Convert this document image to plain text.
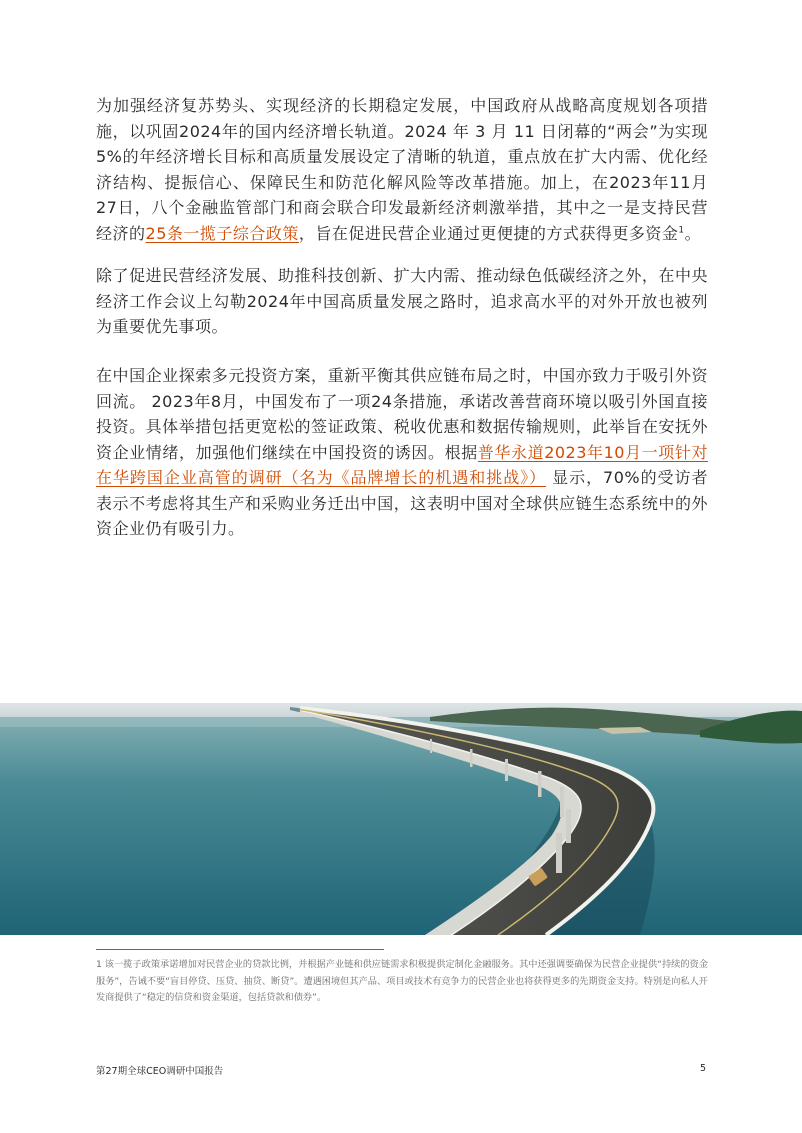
为加强经济复苏势头、实现经济的长期稳定发展，中国政府从战略高度规划各项措施，以巩固2024年的国内经济增长轨道。2024 年 3 月 11 日闭幕的“两会”为实现5%的年经济增长目标和高质量发展设定了清晰的轨道，重点放在扩大内需、优化经济结构、提振信心、保障民生和防范化解风险等改革措施。加上，在2023年11月27日，八个金融监管部门和商会联合印发最新经济刺激举措，其中之一是支持民营经济的25条一揽子综合政策，旨在促进民营企业通过更便捷的方式获得更多资金$^1$。

除了促进民营经济发展、助推科技创新、扩大内需、推动绿色低碳经济之外，在中央经济工作会议上勾勒2024年中国高质量发展之路时，追求高水平的对外开放也被列为重要优先事项。

在中国企业探索多元投资方案，重新平衡其供应链布局之时，中国亦致力于吸引外资回流。 2023年8月，中国发布了一项24条措施，承诺改善营商环境以吸引外国直接投资。具体举措包括更宽松的签证政策、税收优惠和数据传输规则，此举旨在安抚外资企业情绪，加强他们继续在中国投资的诱因。根据普华永道2023年10月一项针对在华跨国企业高管的调研（名为《品牌增长的机遇和挑战》） 显示，70%的受访者表示不考虑将其生产和采购业务迁出中国，这表明中国对全球供应链生态系统中的外资企业仍有吸引力。

1 该一揽子政策承诺增加对民营企业的贷款比例，并根据产业链和供应链需求积极提供定制化金融服务。其中还强调要确保为民营企业提供“持续的资金服务”，告诫不要“盲目停贷、压贷、抽贷、断贷”。遭遇困境但其产品、项目或技术有竞争力的民营企业也将获得更多的先期资金支持。特别是向私人开发商提供了“稳定的信贷和资金渠道，包括贷款和债券”。

第27期全球CEO调研中国报告	5
